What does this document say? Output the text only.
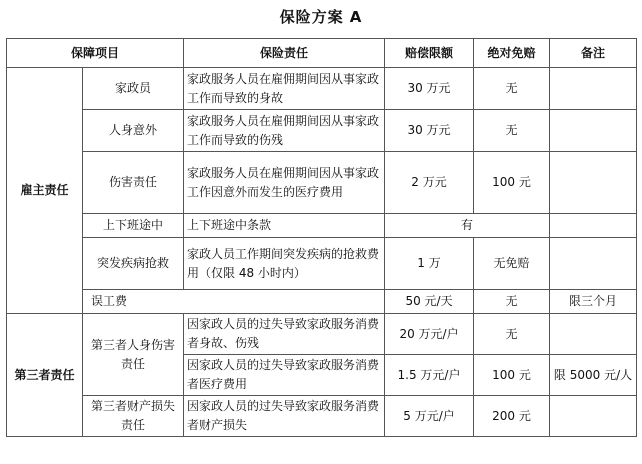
保险方案 A
保障项目		保险责任	赔偿限额	绝对免赔	备注
雇主责任	家政员	家政服务人员在雇佣期间因从事家政工作而导致的身故	30 万元	无	
	人身意外	家政服务人员在雇佣期间因从事家政工作而导致的伤残	30 万元	无	
	伤害责任	家政服务人员在雇佣期间因从事家政工作因意外而发生的医疗费用	2 万元	100 元	
	上下班途中	上下班途中条款	有		
	突发疾病抢救	家政人员工作期间突发疾病的抢救费用（仅限 48 小时内）	1 万	无免赔	
	误工费		50 元/天	无	限三个月
第三者责任	第三者人身伤害责任	因家政人员的过失导致家政服务消费者身故、伤残	20 万元/户	无	
		因家政人员的过失导致家政服务消费者医疗费用	1.5 万元/户	100 元	限 5000 元/人
	第三者财产损失责任	因家政人员的过失导致家政服务消费者财产损失	5 万元/户	200 元	
